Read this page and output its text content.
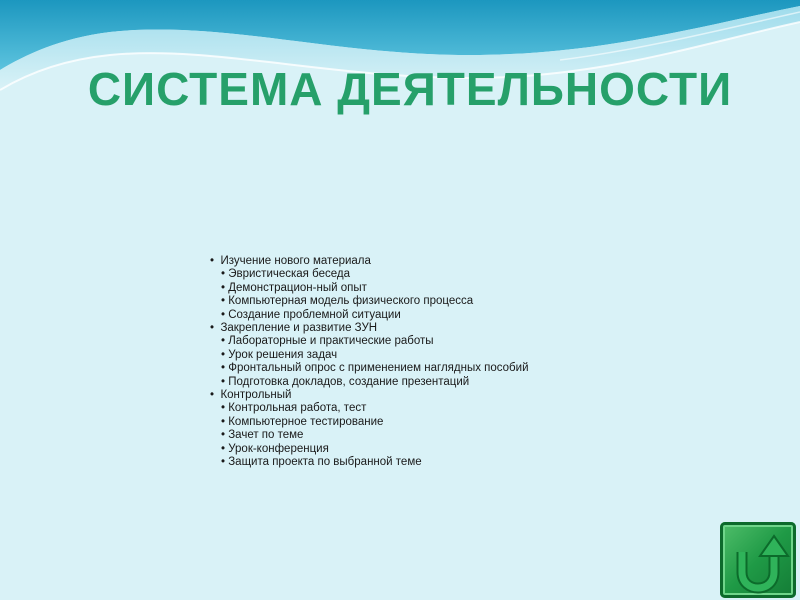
СИСТЕМА ДЕЯТЕЛЬНОСТИ
• Изучение нового материала
• Эвристическая беседа
• Демонстрацион-ный опыт
• Компьютерная модель физического процесса
• Создание проблемной ситуации
• Закрепление и развитие ЗУН
• Лабораторные и практические работы
• Урок решения задач
• Фронтальный опрос с применением наглядных пособий
• Подготовка докладов, создание презентаций
• Контрольный
• Контрольная работа, тест
• Компьютерное тестирование
• Зачет по теме
• Урок-конференция
• Защита проекта по выбранной теме
